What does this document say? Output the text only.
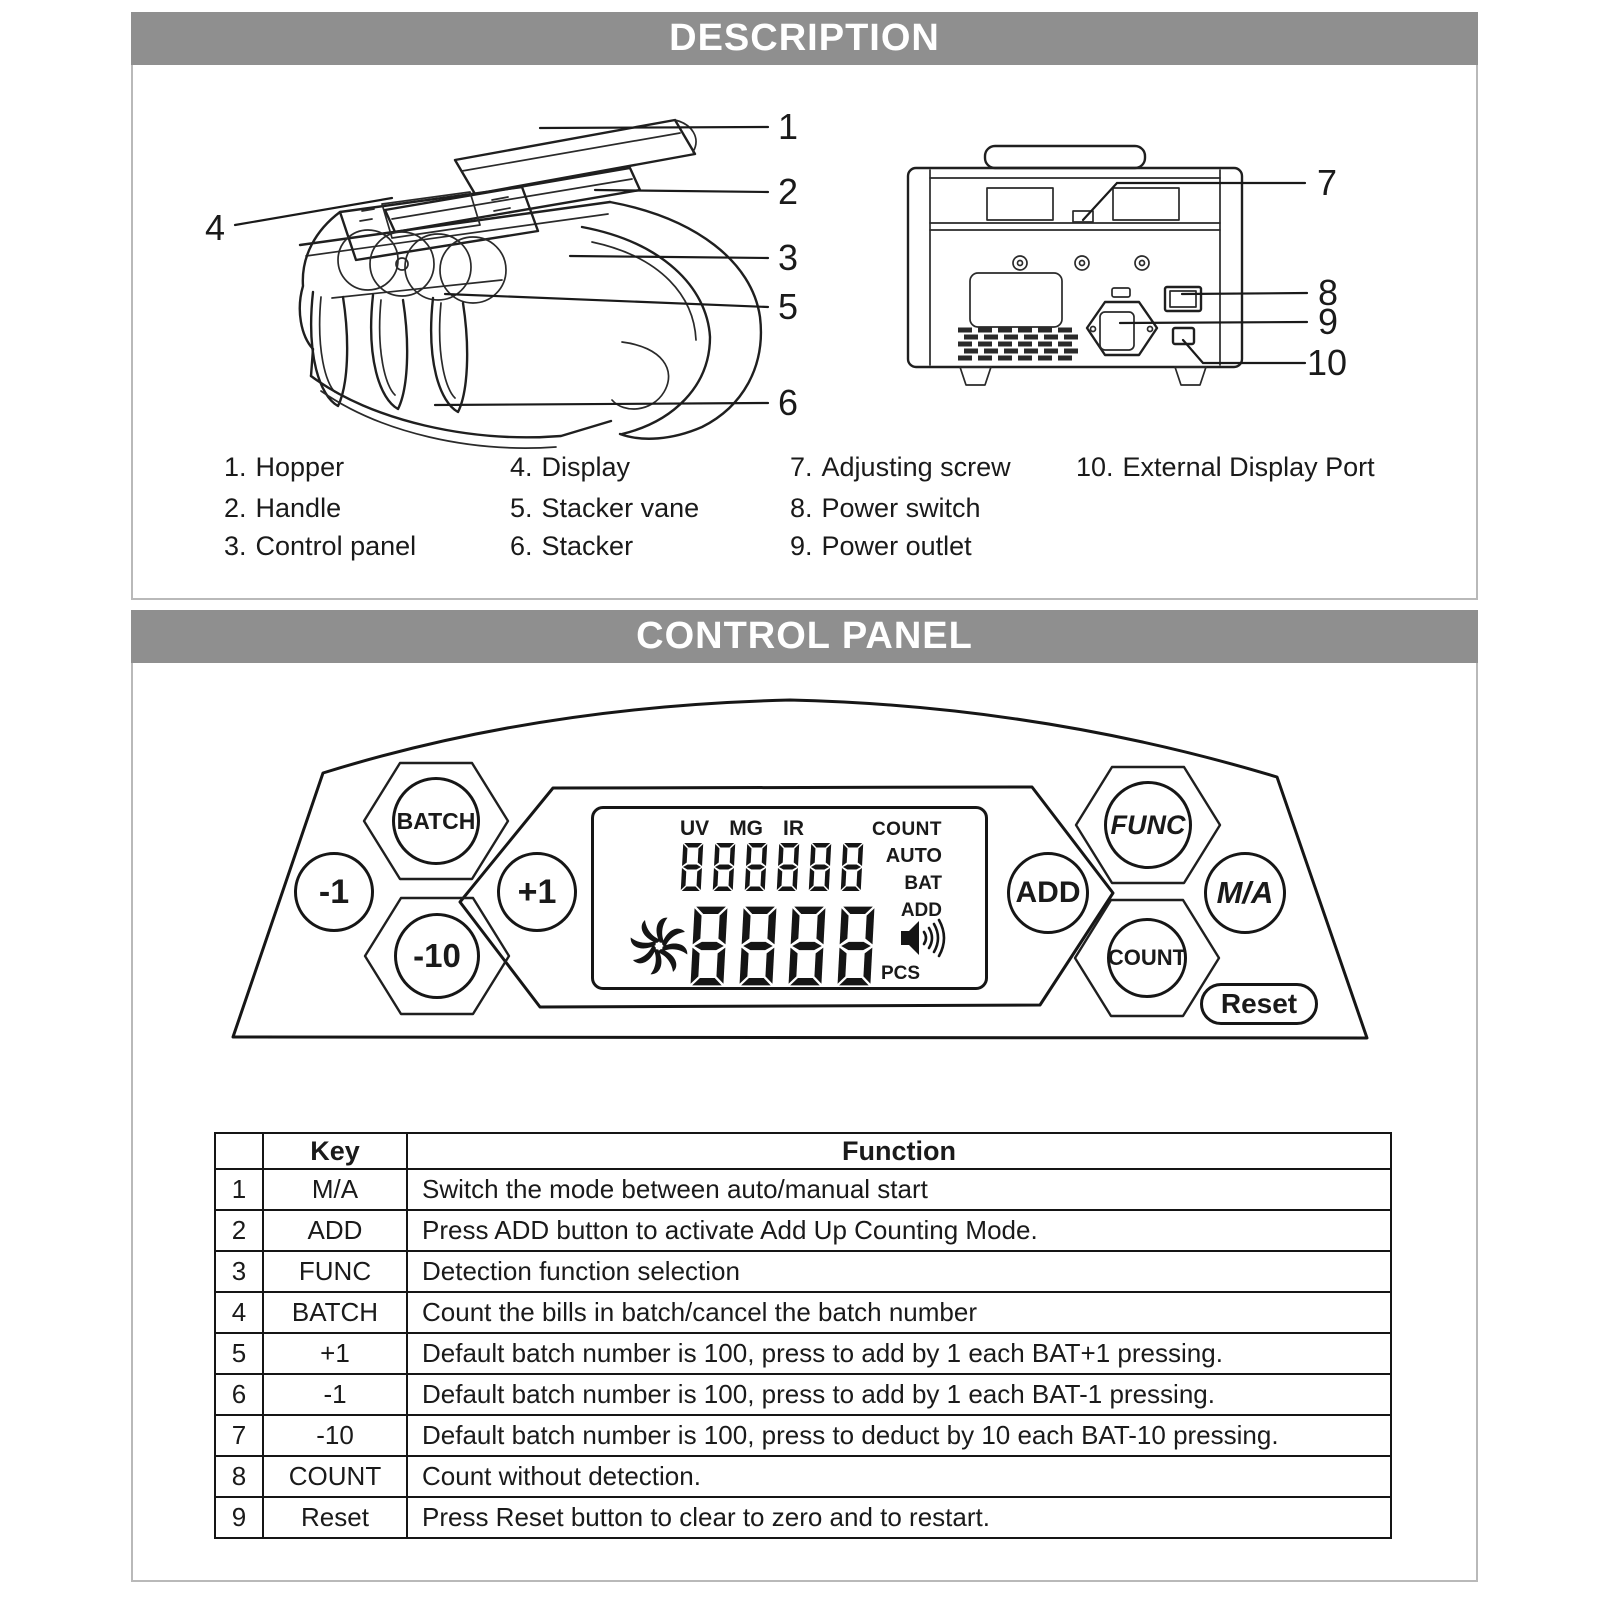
DESCRIPTION
1
2
3
4
5
6
7
8
9
10
1. Hopper
2. Handle
3. Control panel
4. Display
5. Stacker vane
6. Stacker
7. Adjusting screw
8. Power switch
9. Power outlet
10. External Display Port
CONTROL PANEL
BATCH
-1	+1
-10
FUNC
ADD	M/A
COUNT
Reset
UV MG IR	COUNT
AUTO
BAT
ADD
PCS
	Key	Function
1	M/A	Switch the mode between auto/manual start
2	ADD	Press ADD button to activate Add Up Counting Mode.
3	FUNC	Detection function selection
4	BATCH	Count the bills in batch/cancel the batch number
5	+1	Default batch number is 100, press to add by 1 each BAT+1 pressing.
6	-1	Default batch number is 100, press to add by 1 each BAT-1 pressing.
7	-10	Default batch number is 100, press to deduct by 10 each BAT-10 pressing.
8	COUNT	Count without detection.
9	Reset	Press Reset button to clear to zero and to restart.
